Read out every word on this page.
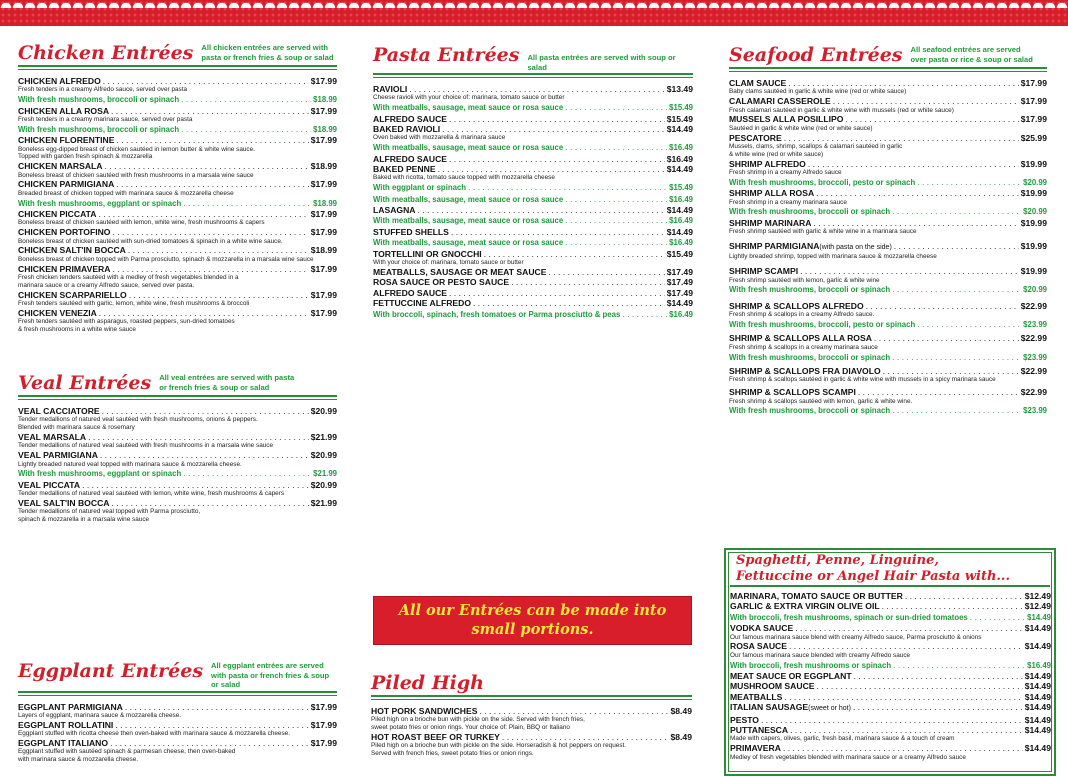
Chicken Entrées All chicken entrées are served with
pasta or french fries & soup or salad
CHICKEN ALFREDO . . .	$17.99
Fresh tenders in a creamy Alfredo sauce, served over pasta
With fresh mushrooms, broccoli or spinach . . .	$18.99
CHICKEN ALLA ROSA . . .	$17.99
Fresh tenders in a creamy marinara sauce, served over pasta
With fresh mushrooms, broccoli or spinach . . .	$18.99
CHICKEN FLORENTINE . . .	$17.99
Boneless egg-dipped breast of chicken sautéed in lemon butter & white wine sauce.
Topped with garden fresh spinach & mozzarella
CHICKEN MARSALA . . .	$18.99
Boneless breast of chicken sautéed with fresh mushrooms in a marsala wine sauce
CHICKEN PARMIGIANA . . .	$17.99
Breaded breast of chicken topped with marinara sauce & mozzarella cheese
With fresh mushrooms, eggplant or spinach . . .	$18.99
CHICKEN PICCATA . . .	$17.99
Boneless breast of chicken sautéed with lemon, white wine, fresh mushrooms & capers
CHICKEN PORTOFINO . . .	$17.99
Boneless breast of chicken sautéed with sun-dried tomatoes & spinach in a white wine sauce.
CHICKEN SALT'IN BOCCA . . .	$18.99
Boneless breast of chicken topped with Parma prosciutto, spinach & mozzarella in a marsala wine sauce
CHICKEN PRIMAVERA . . .	$17.99
Fresh chicken tenders sautéed with a medley of fresh vegetables blended in a
marinara sauce or a creamy Alfredo sauce, served over pasta.
CHICKEN SCARPARIELLO . . .	$17.99
Fresh tenders sautéed with garlic, lemon, white wine, fresh mushrooms & broccoli
CHICKEN VENEZIA . . .	$17.99
Fresh tenders sautéed with asparagus, roasted peppers, sun-dried tomatoes
& fresh mushrooms in a white wine sauce
Veal Entrées All veal entrées are served with pasta
or french fries & soup or salad
VEAL CACCIATORE . . .	$20.99
Tender medallions of natured veal sautéed with fresh mushrooms, onions & peppers.
Blended with marinara sauce & rosemary
VEAL MARSALA . . .	$21.99
Tender medallions of natured veal sautéed with fresh mushrooms in a marsala wine sauce
VEAL PARMIGIANA . . .	$20.99
Lightly breaded natured veal topped with marinara sauce & mozzarella cheese.
With fresh mushrooms, eggplant or spinach . . .	$21.99
VEAL PICCATA . . .	$20.99
Tender medallions of natured veal sautéed with lemon, white wine, fresh mushrooms & capers
VEAL SALT'IN BOCCA . . .	$21.99
Tender medallions of natured veal topped with Parma prosciutto,
spinach & mozzarella in a marsala wine sauce
Eggplant Entrées All eggplant entrées are served
with pasta or french fries & soup or salad
EGGPLANT PARMIGIANA . . .	$17.99
Layers of eggplant, marinara sauce & mozzarella cheese.
EGGPLANT ROLLATINI . . .	$17.99
Eggplant stuffed with ricotta cheese then oven-baked with marinara sauce & mozzarella cheese.
EGGPLANT ITALIANO . . .	$17.99
Eggplant stuffed with sautéed spinach & parmesan cheese, then oven-baked
with marinara sauce & mozzarella cheese.
Pasta Entrées All pasta entrées are served with soup or salad
RAVIOLI . . .	$13.49
Cheese ravioli with your choice of: marinara, tomato sauce or butter
With meatballs, sausage, meat sauce or rosa sauce . . .	$15.49
ALFREDO SAUCE . . .	$15.49
BAKED RAVIOLI . . .	$14.49
Oven baked with mozzarella & marinara sauce
With meatballs, sausage, meat sauce or rosa sauce . . .	$16.49
ALFREDO SAUCE . . .	$16.49
BAKED PENNE . . .	$14.49
Baked with ricotta, tomato sauce topped with mozzarella cheese
With eggplant or spinach . . .	$15.49
With meatballs, sausage, meat sauce or rosa sauce . . .	$16.49
LASAGNA . . .	$14.49
With meatballs, sausage, meat sauce or rosa sauce . . .	$16.49
STUFFED SHELLS . . .	$14.49
With meatballs, sausage, meat sauce or rosa sauce . . .	$16.49
TORTELLINI OR GNOCCHI . . .	$15.49
With your choice of: marinara, tomato sauce or butter
MEATBALLS, SAUSAGE OR MEAT SAUCE . . .	$17.49
ROSA SAUCE OR PESTO SAUCE . . .	$17.49
ALFREDO SAUCE . . .	$17.49
FETTUCCINE ALFREDO . . .	$14.49
With broccoli, spinach, fresh tomatoes or Parma prosciutto & peas . . .	$16.49
All our Entrées can be made into
small portions.
Piled High
HOT PORK SANDWICHES . . .	$8.49
Piled high on a brioche bun with pickle on the side. Served with french fries,
sweet potato fries or onion rings. Your choice of: Plain, BBQ or Italiano
HOT ROAST BEEF OR TURKEY . . .	$8.49
Piled high on a brioche bun with pickle on the side. Horseradish & hot peppers on request.
Served with french fries, sweet potato fries or onion rings.
Seafood Entrées All seafood entrées are served
over pasta or rice & soup or salad
CLAM SAUCE . . .	$17.99
Baby clams sautéed in garlic & white wine (red or white sauce)
CALAMARI CASSEROLE . . .	$17.99
Fresh calamari sautéed in garlic & white wine with mussels (red or white sauce)
MUSSELS ALLA POSILLIPO . . .	$17.99
Sautéed in garlic & white wine (red or white sauce)
PESCATORE . . .	$25.99
Mussels, clams, shrimp, scallops & calamari sautéed in garlic
& white wine (red or white sauce)
SHRIMP ALFREDO . . .	$19.99
Fresh shrimp in a creamy Alfredo sauce
With fresh mushrooms, broccoli, pesto or spinach . . .	$20.99
SHRIMP ALLA ROSA . . .	$19.99
Fresh shrimp in a creamy marinara sauce
With fresh mushrooms, broccoli or spinach . . .	$20.99
SHRIMP MARINARA . . .	$19.99
Fresh shrimp sautéed with garlic & white wine in a marinara sauce
SHRIMP PARMIGIANA (with pasta on the side) . . .	$19.99
Lightly breaded shrimp, topped with marinara sauce & mozzarella cheese
SHRIMP SCAMPI . . .	$19.99
Fresh shrimp sautéed with lemon, garlic & white wine
With fresh mushrooms, broccoli or spinach . . .	$20.99
SHRIMP & SCALLOPS ALFREDO . . .	$22.99
Fresh shrimp & scallops in a creamy Alfredo sauce.
With fresh mushrooms, broccoli, pesto or spinach . . .	$23.99
SHRIMP & SCALLOPS ALLA ROSA . . .	$22.99
Fresh shrimp & scallops in a creamy marinara sauce
With fresh mushrooms, broccoli or spinach . . .	$23.99
SHRIMP & SCALLOPS FRA DIAVOLO . . .	$22.99
Fresh shrimp & scallops sautéed in garlic & white wine with mussels in a spicy marinara sauce
SHRIMP & SCALLOPS SCAMPI . . .	$22.99
Fresh shrimp & scallops sautéed with lemon, garlic & white wine.
With fresh mushrooms, broccoli or spinach . . .	$23.99
Spaghetti, Penne, Linguine,
Fettuccine or Angel Hair Pasta with...
MARINARA, TOMATO SAUCE OR BUTTER . . .	$12.49
GARLIC & EXTRA VIRGIN OLIVE OIL . . .	$12.49
With broccoli, fresh mushrooms, spinach or sun-dried tomatoes . . .	$14.49
VODKA SAUCE . . .	$14.49
Our famous marinara sauce blend with creamy Alfredo sauce, Parma prosciutto & onions
ROSA SAUCE . . .	$14.49
Our famous marinara sauce blended with creamy Alfredo sauce
With broccoli, fresh mushrooms or spinach . . .	$16.49
MEAT SAUCE OR EGGPLANT . . .	$14.49
MUSHROOM SAUCE . . .	$14.49
MEATBALLS . . .	$14.49
ITALIAN SAUSAGE (sweet or hot) . . .	$14.49
PESTO . . .	$14.49
PUTTANESCA . . .	$14.49
Made with capers, olives, garlic, fresh basil, marinara sauce & a touch of cream
PRIMAVERA . . .	$14.49
Medley of fresh vegetables blended with marinara sauce or a creamy Alfredo sauce
